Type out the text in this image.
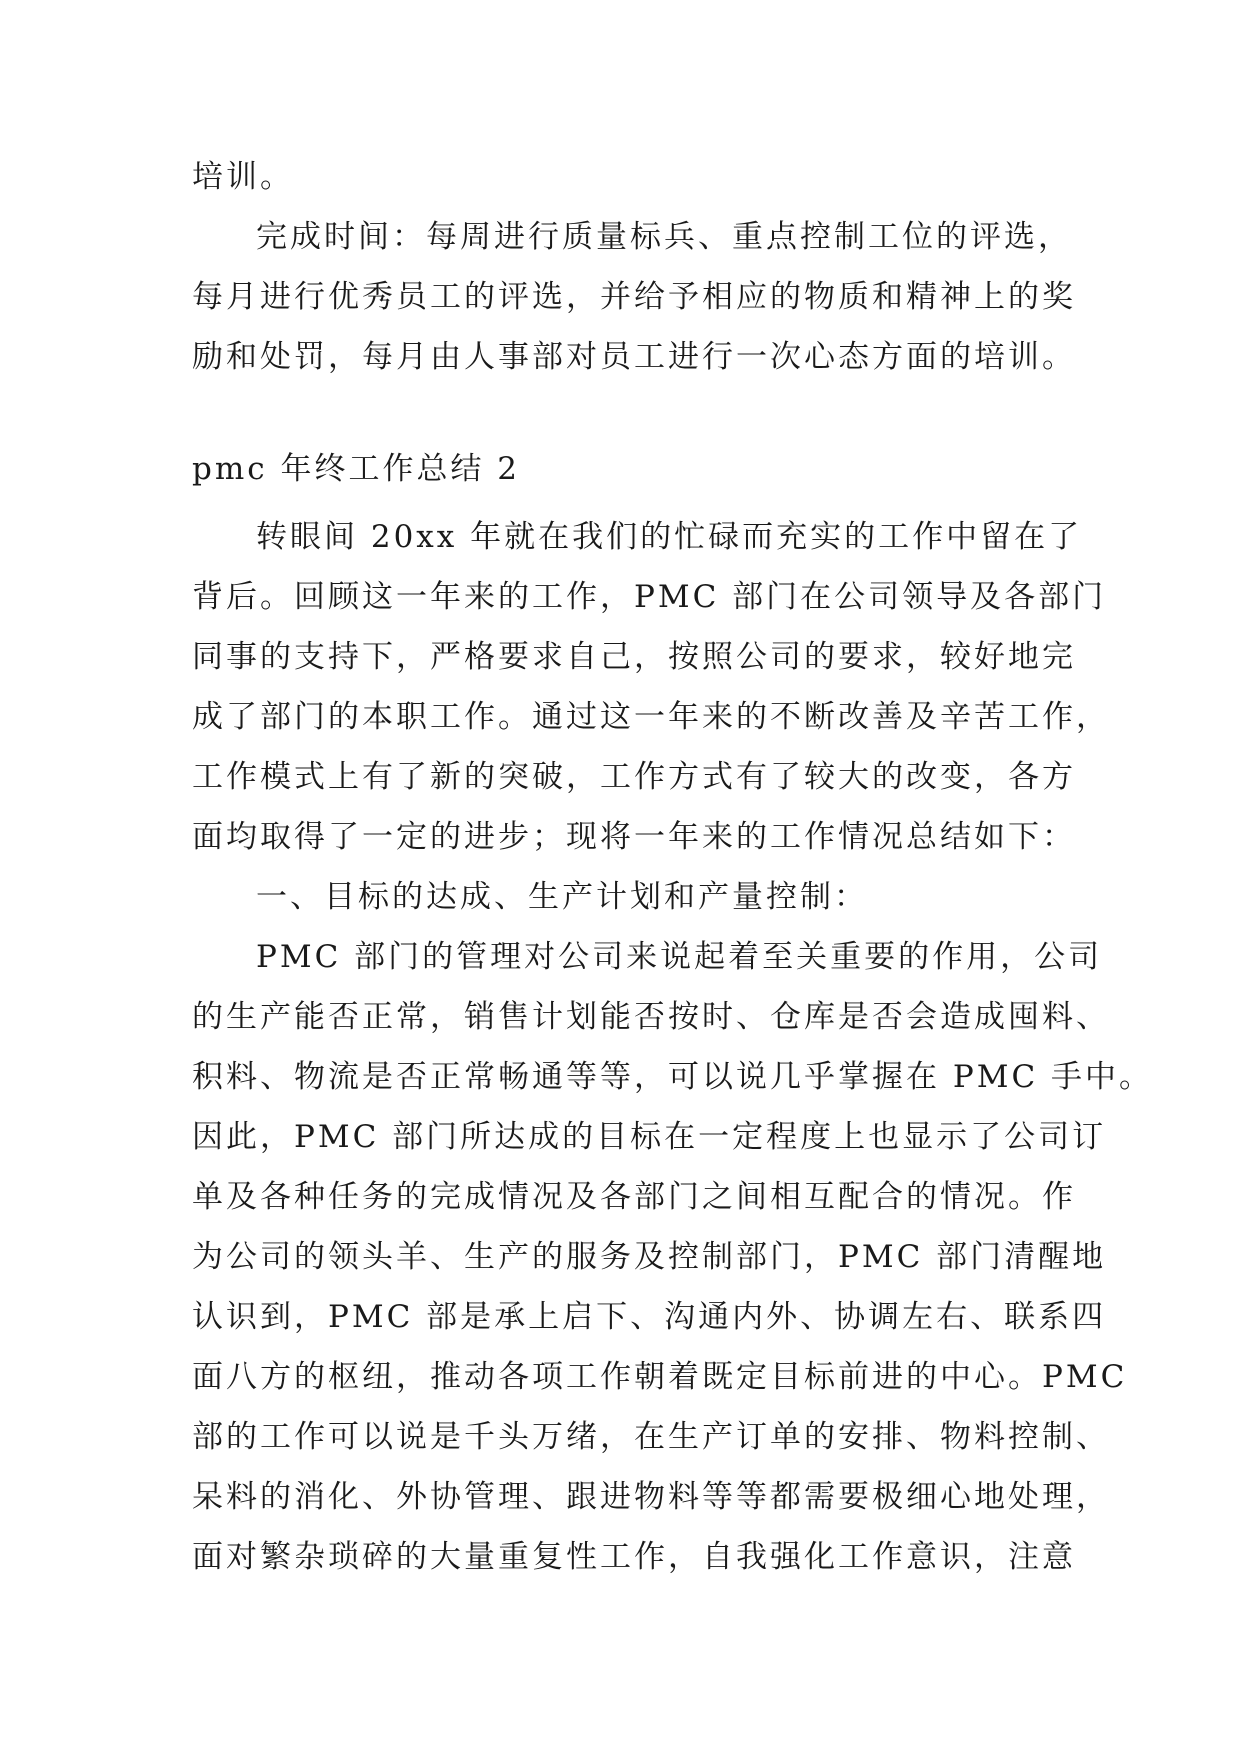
培训。
完成时间：每周进行质量标兵、重点控制工位的评选，
每月进行优秀员工的评选，并给予相应的物质和精神上的奖
励和处罚，每月由人事部对员工进行一次心态方面的培训。
pmc 年终工作总结 2
转眼间 20xx 年就在我们的忙碌而充实的工作中留在了
背后。回顾这一年来的工作，PMC 部门在公司领导及各部门
同事的支持下，严格要求自己，按照公司的要求，较好地完
成了部门的本职工作。通过这一年来的不断改善及辛苦工作，
工作模式上有了新的突破，工作方式有了较大的改变，各方
面均取得了一定的进步；现将一年来的工作情况总结如下：
一、目标的达成、生产计划和产量控制：
PMC 部门的管理对公司来说起着至关重要的作用，公司
的生产能否正常，销售计划能否按时、仓库是否会造成囤料、
积料、物流是否正常畅通等等，可以说几乎掌握在 PMC 手中。
因此，PMC 部门所达成的目标在一定程度上也显示了公司订
单及各种任务的完成情况及各部门之间相互配合的情况。作
为公司的领头羊、生产的服务及控制部门，PMC 部门清醒地
认识到，PMC 部是承上启下、沟通内外、协调左右、联系四
面八方的枢纽，推动各项工作朝着既定目标前进的中心。PMC
部的工作可以说是千头万绪，在生产订单的安排、物料控制、
呆料的消化、外协管理、跟进物料等等都需要极细心地处理，
面对繁杂琐碎的大量重复性工作，自我强化工作意识，注意
